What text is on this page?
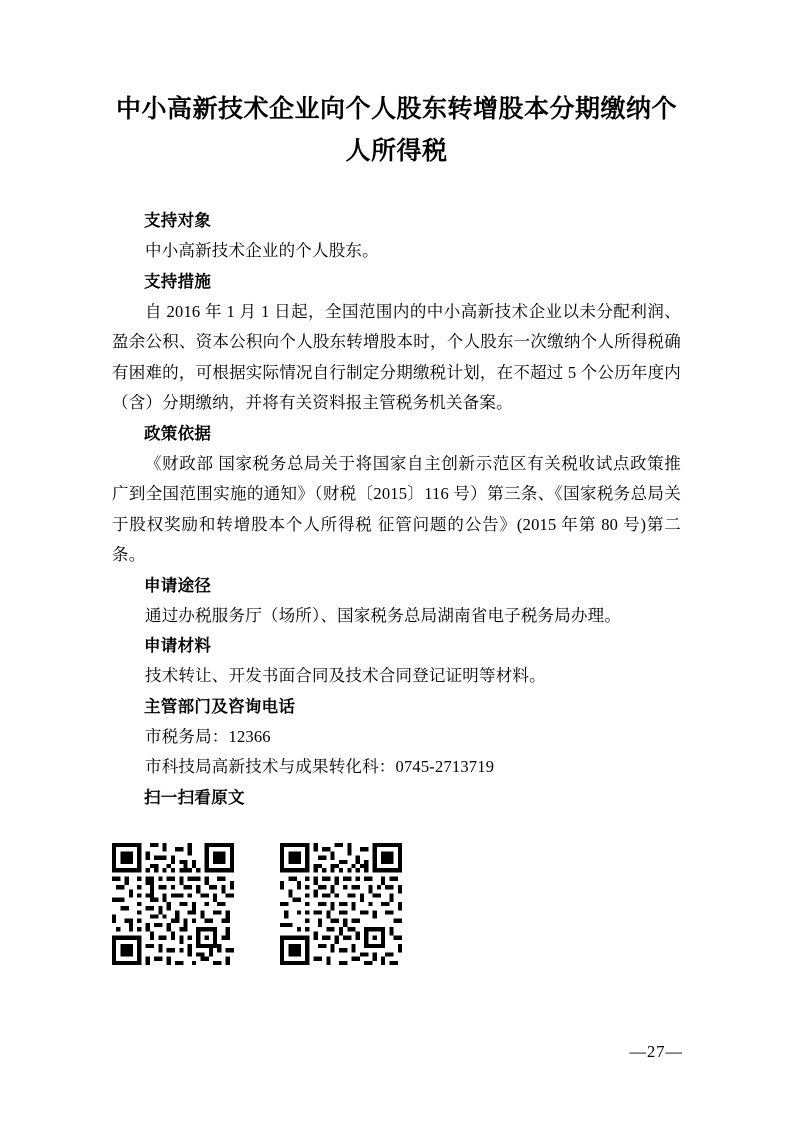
中小高新技术企业向个人股东转增股本分期缴纳个人所得税
支持对象

中小高新技术企业的个人股东。

支持措施

自 2016 年 1 月 1 日起，全国范围内的中小高新技术企业以未分配利润、盈余公积、资本公积向个人股东转增股本时，个人股东一次缴纳个人所得税确有困难的，可根据实际情况自行制定分期缴税计划，在不超过 5 个公历年度内（含）分期缴纳，并将有关资料报主管税务机关备案。

政策依据

《财政部 国家税务总局关于将国家自主创新示范区有关税收试点政策推广到全国范围实施的通知》（财税〔2015〕116 号）第三条、《国家税务总局关于股权奖励和转增股本个人所得税 征管问题的公告》(2015 年第 80 号)第二条。

申请途径

通过办税服务厅（场所）、国家税务总局湖南省电子税务局办理。

申请材料

技术转让、开发书面合同及技术合同登记证明等材料。

主管部门及咨询电话

市税务局：12366

市科技局高新技术与成果转化科：0745-2713719

扫一扫看原文
—27—
